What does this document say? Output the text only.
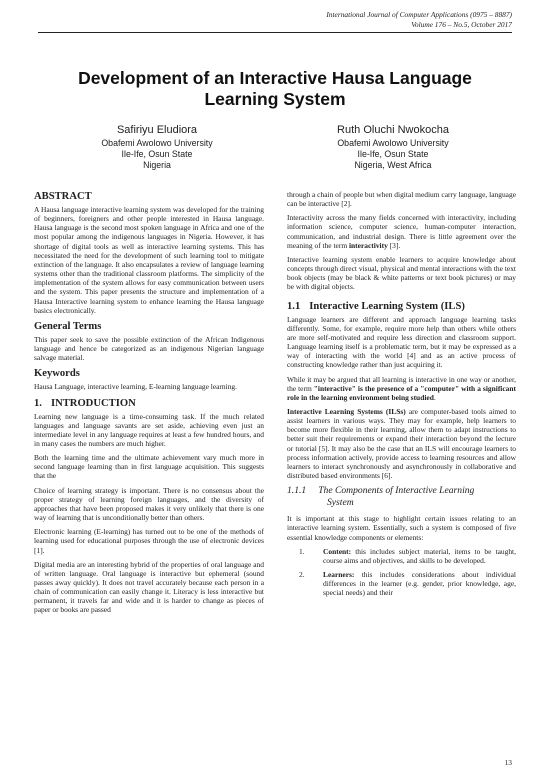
International Journal of Computer Applications (0975 – 8887)
Volume 176 – No.5, October 2017
Development of an Interactive Hausa Language
Learning System
Safiriyu Eludiora
Obafemi Awolowo University
Ile-Ife, Osun State
Nigeria
Ruth Oluchi Nwokocha
Obafemi Awolowo University
Ile-Ife, Osun State
Nigeria, West Africa
ABSTRACT

A Hausa language interactive learning system was developed for the training of beginners, foreigners and other people interested in Hausa language. Hausa language is the second most spoken language in Africa and one of the most popular among the indigenous languages in Nigeria. However, it has shortage of digital tools as well as interactive learning systems. This has necessitated the need for the development of such learning tool to mitigate extinction of the language. It also encapsulates a review of language learning systems other than the traditional classroom platforms. The simplicity of the implementation of the system allows for easy communication between users and the system. This paper presents the structure and implementation of a Hausa Interactive learning system to enhance learning the Hausa language basics electronically.

General Terms

This paper seek to save the possible extinction of the African Indigenous language and hence be categorized as an indigenous Nigerian language salvage material.

Keywords

Hausa Language, interactive learning, E-learning language learning.

1. INTRODUCTION

Learning new language is a time-consuming task. If the much related languages and language savants are set aside, achieving even just an intermediate level in any language requires at least a few hundred hours, and in many cases the numbers are much higher.

Both the learning time and the ultimate achievement vary much more in second language learning than in first language acquisition. This suggests that the

Choice of learning strategy is important. There is no consensus about the proper strategy of learning foreign languages, and the diversity of approaches that have been proposed makes it very unlikely that there is one way of learning that is unconditionally better than others.

Electronic learning (E-learning) has turned out to be one of the methods of learning used for educational purposes through the use of electronic devices [1].

Digital media are an interesting hybrid of the properties of oral language and of written language. Oral language is interactive but ephemeral (sound passes away quickly). It does not travel accurately because each person in a chain of communication can easily change it. Literacy is less interactive but permanent, it travels far and wide and it is harder to change as pieces of paper or books are passed

through a chain of people but when digital medium carry language, language can be interactive [2].

Interactivity across the many fields concerned with interactivity, including information science, computer science, human-computer interaction, communication, and industrial design. There is little agreement over the meaning of the term interactivity [3].

Interactive learning system enable learners to acquire knowledge about concepts through direct visual, physical and mental interactions with the text book objects (may be black & white patterns or text book pictures) or may be with digital objects.

1.1 Interactive Learning System (ILS)

Language learners are different and approach language learning tasks differently. Some, for example, require more help than others while others are more self-motivated and require less direction and classroom support. Language learning itself is a problematic term, but it may be expressed as a way of interacting with the world [4] and as an active process of constructing knowledge rather than just acquiring it.

While it may be argued that all learning is interactive in one way or another, the term "interactive" is the presence of a "computer" with a significant role in the learning environment being studied.

Interactive Learning Systems (ILSs) are computer-based tools aimed to assist learners in various ways. They may for example, help learners to become more flexible in their learning, allow them to adapt instructions to better suit their requirements or expand their interaction beyond the lecture or tutorial [5]. It may also be the case that an ILS will encourage learners to process information actively, provide access to learning resources and allow learners to interact synchronously and asynchronously in collaborative and distributed based environments [6].

1.1.1 The Components of Interactive Learning
System

It is important at this stage to highlight certain issues relating to an interactive learning system. Essentially, such a system is composed of five essential knowledge components or elements:

1. Content: this includes subject material, items to be taught, course aims and objectives, and skills to be developed.
2. Learners: this includes considerations about individual differences in the learner (e.g. gender, prior knowledge, age, special needs) and their
13
